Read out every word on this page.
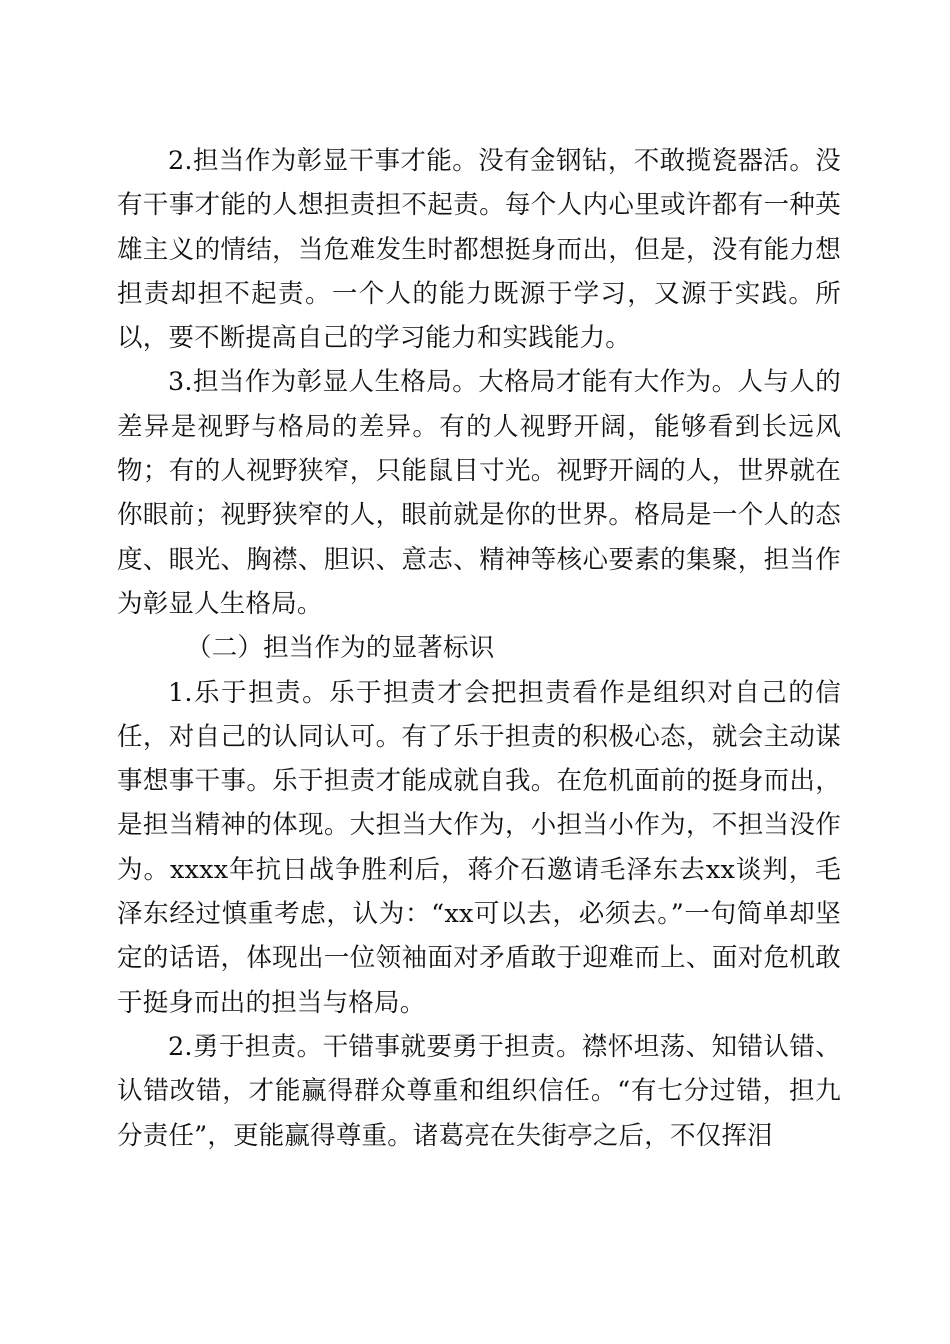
2.担当作为彰显干事才能。没有金钢钻，不敢揽瓷器活。没有干事才能的人想担责担不起责。每个人内心里或许都有一种英雄主义的情结，当危难发生时都想挺身而出，但是，没有能力想担责却担不起责。一个人的能力既源于学习，又源于实践。所以，要不断提高自己的学习能力和实践能力。

3.担当作为彰显人生格局。大格局才能有大作为。人与人的差异是视野与格局的差异。有的人视野开阔，能够看到长远风物；有的人视野狭窄，只能鼠目寸光。视野开阔的人，世界就在你眼前；视野狭窄的人，眼前就是你的世界。格局是一个人的态度、眼光、胸襟、胆识、意志、精神等核心要素的集聚，担当作为彰显人生格局。

（二）担当作为的显著标识

1.乐于担责。乐于担责才会把担责看作是组织对自己的信任，对自己的认同认可。有了乐于担责的积极心态，就会主动谋事想事干事。乐于担责才能成就自我。在危机面前的挺身而出，是担当精神的体现。大担当大作为，小担当小作为，不担当没作为。xxxx年抗日战争胜利后，蒋介石邀请毛泽东去xx谈判，毛泽东经过慎重考虑，认为：“xx可以去，必须去。”一句简单却坚定的话语，体现出一位领袖面对矛盾敢于迎难而上、面对危机敢于挺身而出的担当与格局。

2.勇于担责。干错事就要勇于担责。襟怀坦荡、知错认错、认错改错，才能赢得群众尊重和组织信任。“有七分过错，担九分责任”，更能赢得尊重。诸葛亮在失街亭之后，不仅挥泪
